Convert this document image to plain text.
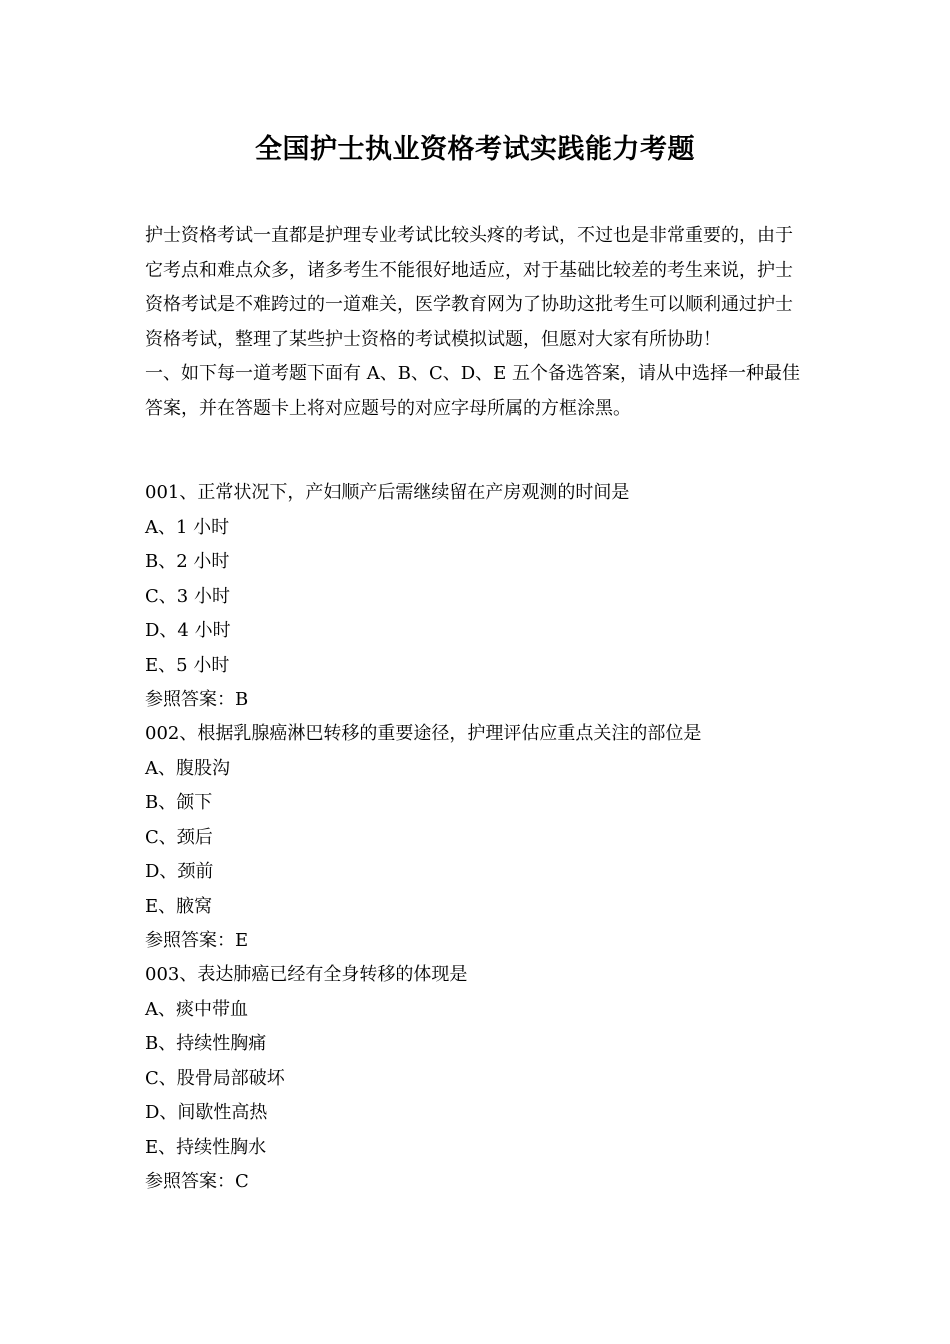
全国护士执业资格考试实践能力考题

护士资格考试一直都是护理专业考试比较头疼的考试，不过也是非常重要的，由于它考点和难点众多，诸多考生不能很好地适应，对于基础比较差的考生来说，护士资格考试是不难跨过的一道难关，医学教育网为了协助这批考生可以顺利通过护士资格考试，整理了某些护士资格的考试模拟试题，但愿对大家有所协助！

一、如下每一道考题下面有 A、B、C、D、E 五个备选答案，请从中选择一种最佳答案，并在答题卡上将对应题号的对应字母所属的方框涂黑。

001、正常状况下，产妇顺产后需继续留在产房观测的时间是
A、1 小时
B、2 小时
C、3 小时
D、4 小时
E、5 小时
参照答案：B
002、根据乳腺癌淋巴转移的重要途径，护理评估应重点关注的部位是
A、腹股沟
B、颌下
C、颈后
D、颈前
E、腋窝
参照答案：E
003、表达肺癌已经有全身转移的体现是
A、痰中带血
B、持续性胸痛
C、股骨局部破坏
D、间歇性高热
E、持续性胸水
参照答案：C
